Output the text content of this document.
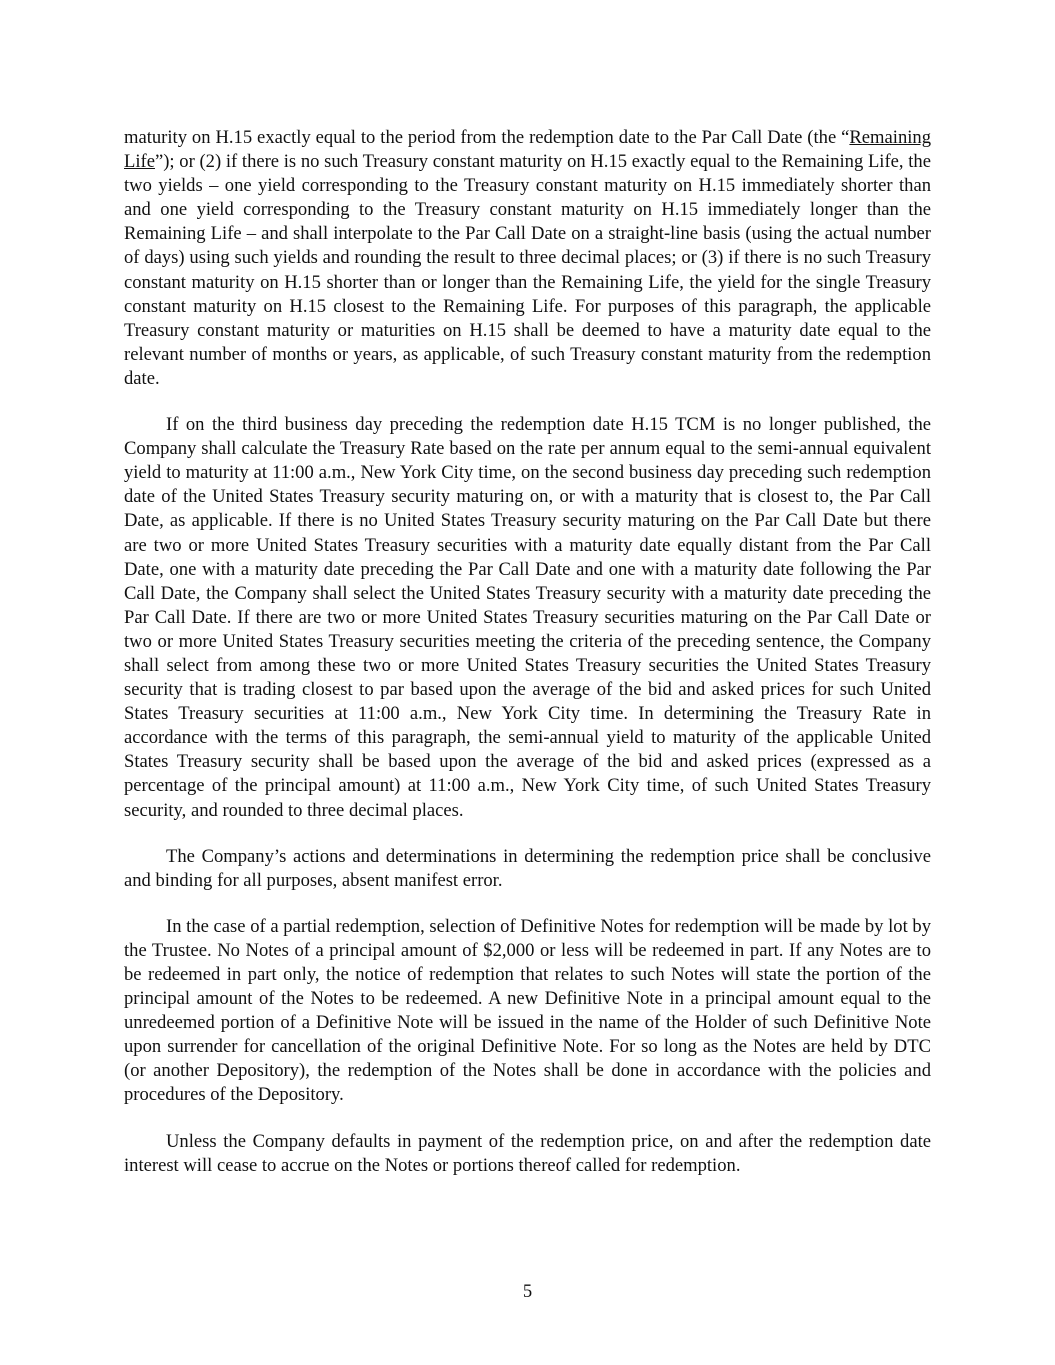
maturity on H.15 exactly equal to the period from the redemption date to the Par Call Date (the “Remaining Life”); or (2) if there is no such Treasury constant maturity on H.15 exactly equal to the Remaining Life, the two yields – one yield corresponding to the Treasury constant maturity on H.15 immediately shorter than and one yield corresponding to the Treasury constant maturity on H.15 immediately longer than the Remaining Life – and shall interpolate to the Par Call Date on a straight-line basis (using the actual number of days) using such yields and rounding the result to three decimal places; or (3) if there is no such Treasury constant maturity on H.15 shorter than or longer than the Remaining Life, the yield for the single Treasury constant maturity on H.15 closest to the Remaining Life. For purposes of this paragraph, the applicable Treasury constant maturity or maturities on H.15 shall be deemed to have a maturity date equal to the relevant number of months or years, as applicable, of such Treasury constant maturity from the redemption date.

If on the third business day preceding the redemption date H.15 TCM is no longer published, the Company shall calculate the Treasury Rate based on the rate per annum equal to the semi-annual equivalent yield to maturity at 11:00 a.m., New York City time, on the second business day preceding such redemption date of the United States Treasury security maturing on, or with a maturity that is closest to, the Par Call Date, as applicable. If there is no United States Treasury security maturing on the Par Call Date but there are two or more United States Treasury securities with a maturity date equally distant from the Par Call Date, one with a maturity date preceding the Par Call Date and one with a maturity date following the Par Call Date, the Company shall select the United States Treasury security with a maturity date preceding the Par Call Date. If there are two or more United States Treasury securities maturing on the Par Call Date or two or more United States Treasury securities meeting the criteria of the preceding sentence, the Company shall select from among these two or more United States Treasury securities the United States Treasury security that is trading closest to par based upon the average of the bid and asked prices for such United States Treasury securities at 11:00 a.m., New York City time. In determining the Treasury Rate in accordance with the terms of this paragraph, the semi-annual yield to maturity of the applicable United States Treasury security shall be based upon the average of the bid and asked prices (expressed as a percentage of the principal amount) at 11:00 a.m., New York City time, of such United States Treasury security, and rounded to three decimal places.

The Company’s actions and determinations in determining the redemption price shall be conclusive and binding for all purposes, absent manifest error.

In the case of a partial redemption, selection of Definitive Notes for redemption will be made by lot by the Trustee. No Notes of a principal amount of $2,000 or less will be redeemed in part. If any Notes are to be redeemed in part only, the notice of redemption that relates to such Notes will state the portion of the principal amount of the Notes to be redeemed. A new Definitive Note in a principal amount equal to the unredeemed portion of a Definitive Note will be issued in the name of the Holder of such Definitive Note upon surrender for cancellation of the original Definitive Note. For so long as the Notes are held by DTC (or another Depository), the redemption of the Notes shall be done in accordance with the policies and procedures of the Depository.

Unless the Company defaults in payment of the redemption price, on and after the redemption date interest will cease to accrue on the Notes or portions thereof called for redemption.

5
